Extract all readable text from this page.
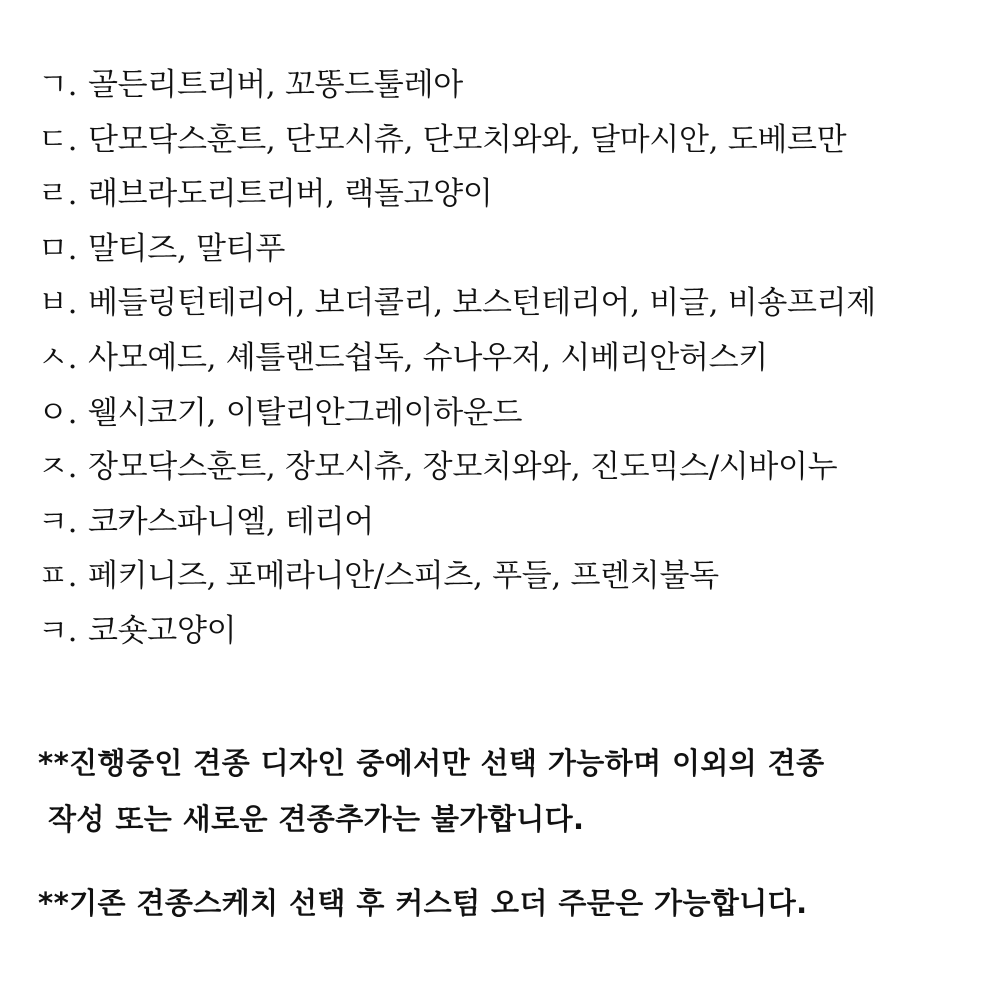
ㄱ. 골든리트리버, 꼬똥드툴레아
ㄷ. 단모닥스훈트, 단모시츄, 단모치와와, 달마시안, 도베르만
ㄹ. 래브라도리트리버, 랙돌고양이
ㅁ. 말티즈, 말티푸
ㅂ. 베들링턴테리어, 보더콜리, 보스턴테리어, 비글, 비숑프리제
ㅅ. 사모예드, 셰틀랜드쉽독, 슈나우저, 시베리안허스키
ㅇ. 웰시코기, 이탈리안그레이하운드
ㅈ. 장모닥스훈트, 장모시츄, 장모치와와, 진도믹스/시바이누
ㅋ. 코카스파니엘, 테리어
ㅍ. 페키니즈, 포메라니안/스피츠, 푸들, 프렌치불독
ㅋ. 코숏고양이

**진행중인 견종 디자인 중에서만 선택 가능하며 이외의 견종
작성 또는 새로운 견종추가는 불가합니다.

**기존 견종스케치 선택 후 커스텀 오더 주문은 가능합니다.
